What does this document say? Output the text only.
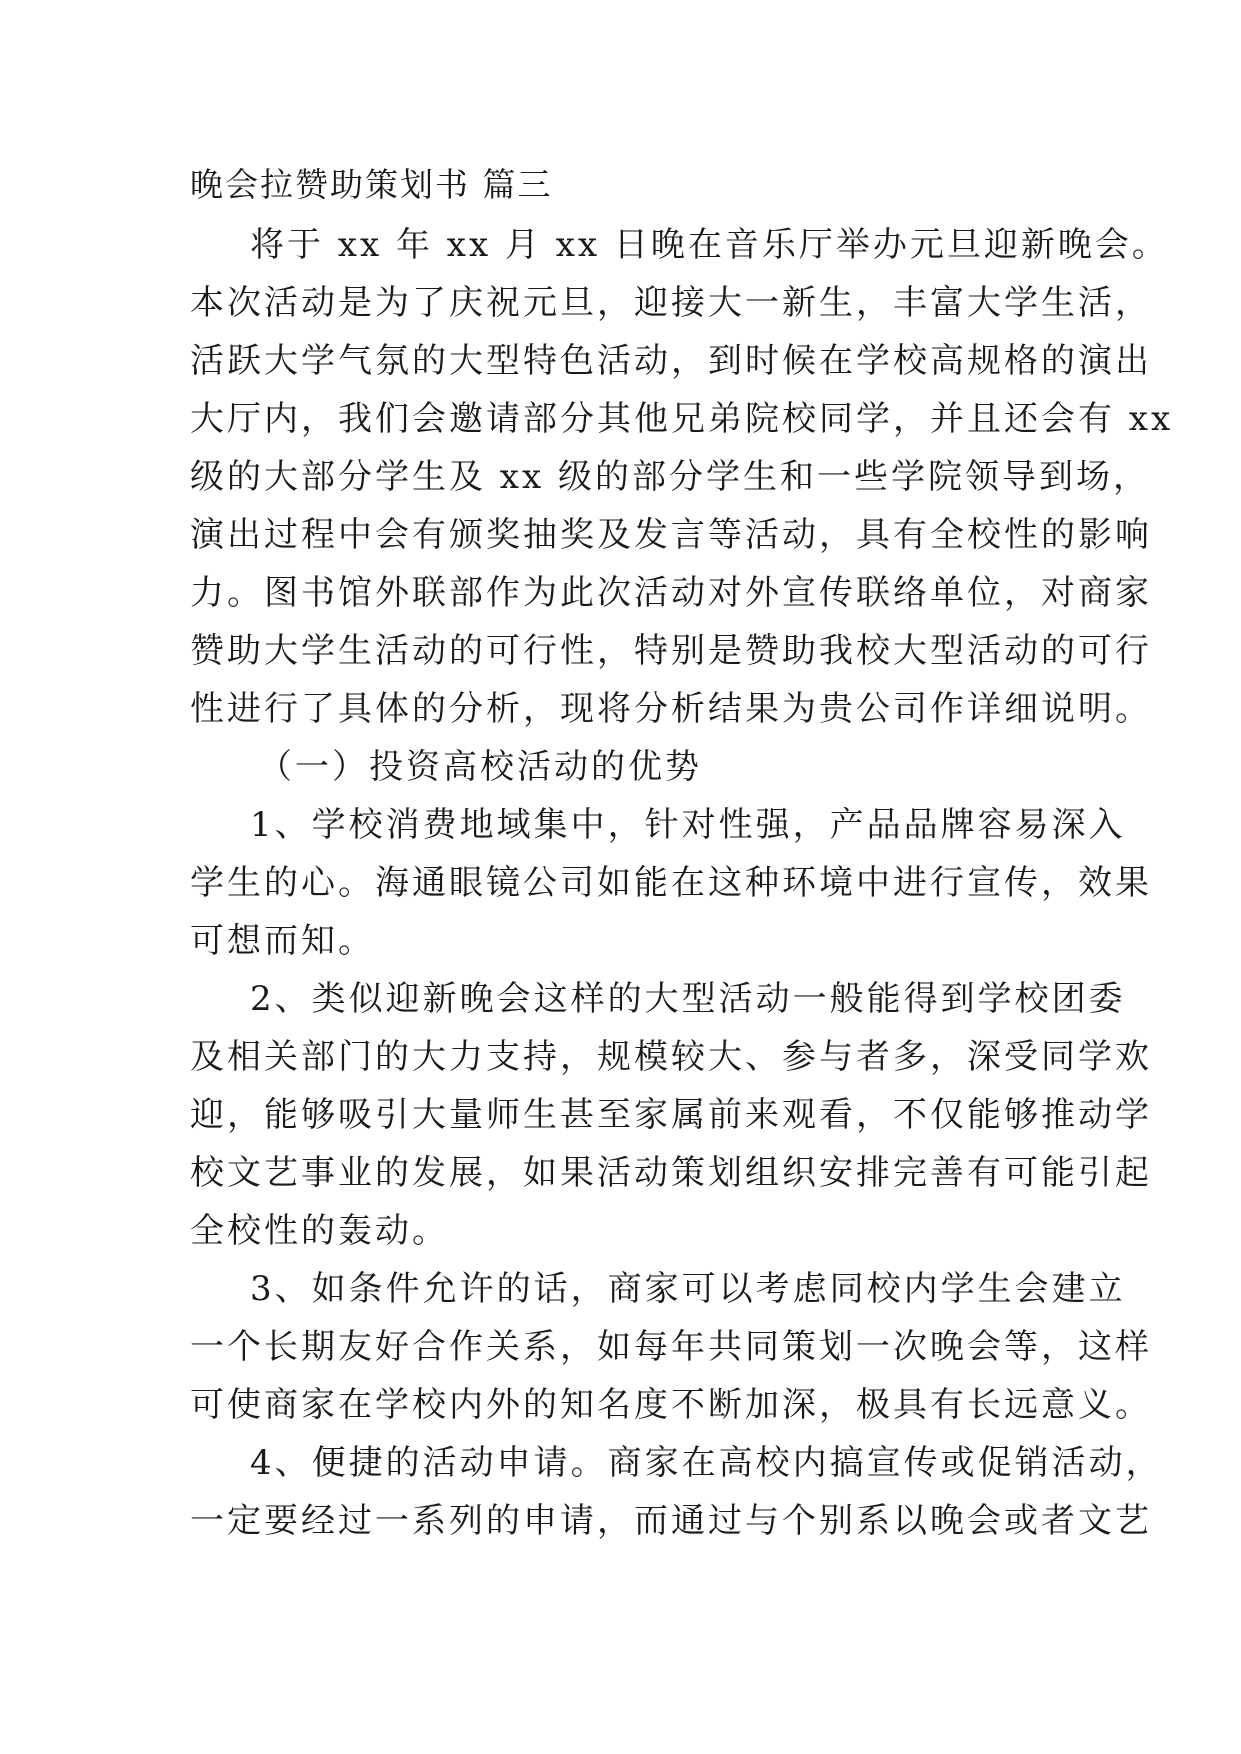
晚会拉赞助策划书 篇三
将于 xx 年 xx 月 xx 日晚在音乐厅举办元旦迎新晚会。
本次活动是为了庆祝元旦，迎接大一新生，丰富大学生活，
活跃大学气氛的大型特色活动，到时候在学校高规格的演出
大厅内，我们会邀请部分其他兄弟院校同学，并且还会有 xx
级的大部分学生及 xx 级的部分学生和一些学院领导到场，
演出过程中会有颁奖抽奖及发言等活动，具有全校性的影响
力。图书馆外联部作为此次活动对外宣传联络单位，对商家
赞助大学生活动的可行性，特别是赞助我校大型活动的可行
性进行了具体的分析，现将分析结果为贵公司作详细说明。
（一）投资高校活动的优势
1、学校消费地域集中，针对性强，产品品牌容易深入
学生的心。海通眼镜公司如能在这种环境中进行宣传，效果
可想而知。
2、类似迎新晚会这样的大型活动一般能得到学校团委
及相关部门的大力支持，规模较大、参与者多，深受同学欢
迎，能够吸引大量师生甚至家属前来观看，不仅能够推动学
校文艺事业的发展，如果活动策划组织安排完善有可能引起
全校性的轰动。
3、如条件允许的话，商家可以考虑同校内学生会建立
一个长期友好合作关系，如每年共同策划一次晚会等，这样
可使商家在学校内外的知名度不断加深，极具有长远意义。
4、便捷的活动申请。商家在高校内搞宣传或促销活动，
一定要经过一系列的申请，而通过与个别系以晚会或者文艺
